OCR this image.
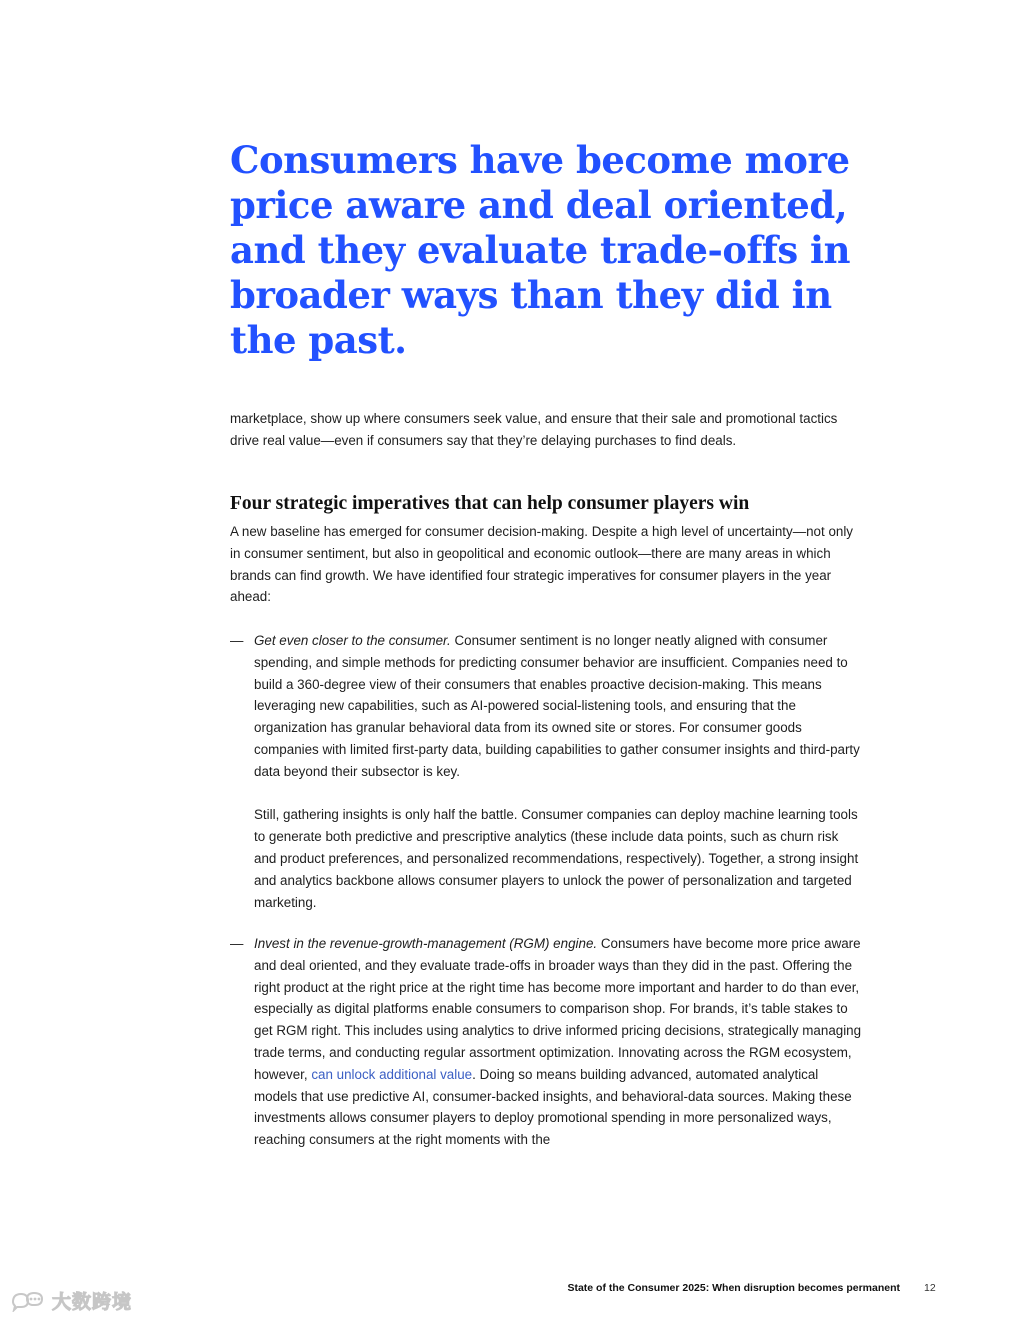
Consumers have become more price aware and deal oriented, and they evaluate trade-offs in broader ways than they did in the past.

marketplace, show up where consumers seek value, and ensure that their sale and promotional tactics drive real value—even if consumers say that they’re delaying purchases to find deals.

Four strategic imperatives that can help consumer players win

A new baseline has emerged for consumer decision-making. Despite a high level of uncertainty—not only in consumer sentiment, but also in geopolitical and economic outlook—there are many areas in which brands can find growth. We have identified four strategic imperatives for consumer players in the year ahead:

— Get even closer to the consumer. Consumer sentiment is no longer neatly aligned with consumer spending, and simple methods for predicting consumer behavior are insufficient. Companies need to build a 360-degree view of their consumers that enables proactive decision-making. This means leveraging new capabilities, such as AI-powered social-listening tools, and ensuring that the organization has granular behavioral data from its owned site or stores. For consumer goods companies with limited first-party data, building capabilities to gather consumer insights and third-party data beyond their subsector is key.

Still, gathering insights is only half the battle. Consumer companies can deploy machine learning tools to generate both predictive and prescriptive analytics (these include data points, such as churn risk and product preferences, and personalized recommendations, respectively). Together, a strong insight and analytics backbone allows consumer players to unlock the power of personalization and targeted marketing.

— Invest in the revenue-growth-management (RGM) engine. Consumers have become more price aware and deal oriented, and they evaluate trade-offs in broader ways than they did in the past. Offering the right product at the right price at the right time has become more important and harder to do than ever, especially as digital platforms enable consumers to comparison shop. For brands, it’s table stakes to get RGM right. This includes using analytics to drive informed pricing decisions, strategically managing trade terms, and conducting regular assortment optimization. Innovating across the RGM ecosystem, however, can unlock additional value. Doing so means building advanced, automated analytical models that use predictive AI, consumer-backed insights, and behavioral-data sources. Making these investments allows consumer players to deploy promotional spending in more personalized ways, reaching consumers at the right moments with the

State of the Consumer 2025: When disruption becomes permanent 12
大数跨境
